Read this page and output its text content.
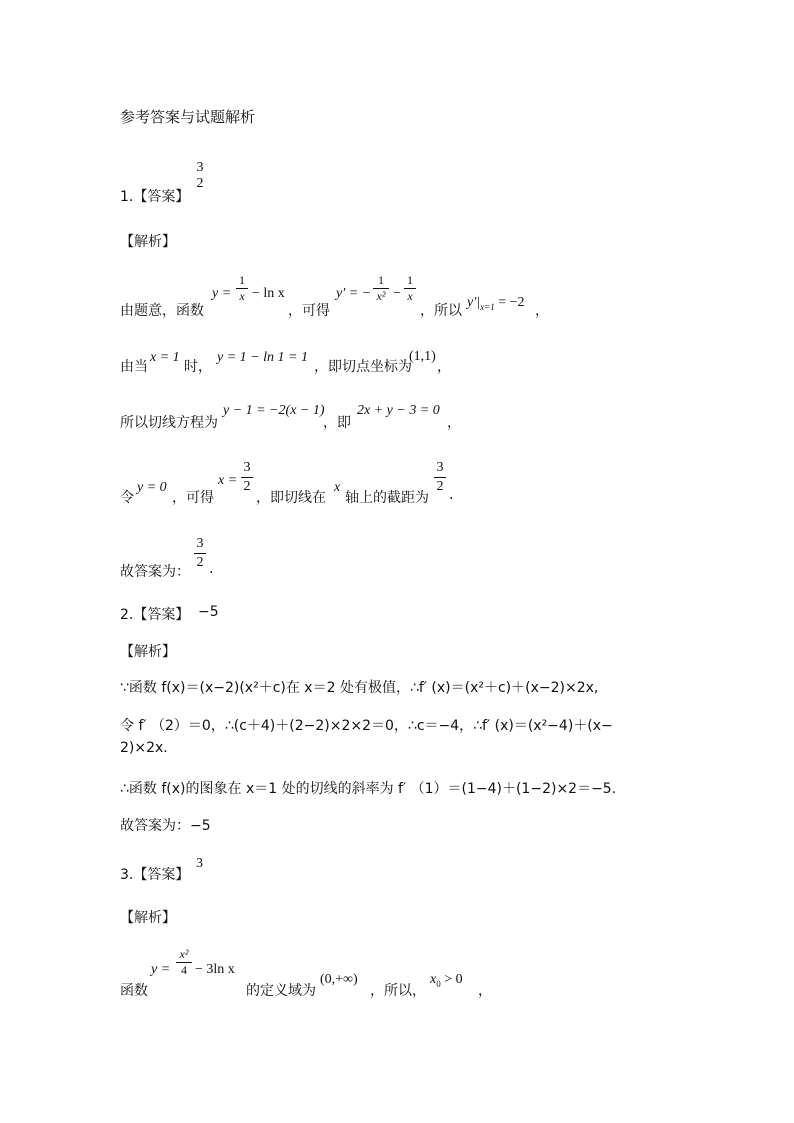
参考答案与试题解析
1.【答案】
3
2
【解析】
由题意，函数
y =
1
x − ln x
，可得
y′ = −
1
x² −
1
x
，所以
$y'|_{x=1} = -2$
，
由当
x = 1
时，
y = 1 − ln 1 = 1
，即切点坐标为
(1,1)
，
所以切线方程为
y − 1 = −2(x − 1)
，即
2x + y − 3 = 0
，
令
y = 0
，可得
x =
3
2
，即切线在
x
轴上的截距为
3
2
.
故答案为：
3
2 .
2.【答案】 −5
【解析】
∵函数 f(x)＝(x−2)(x²＋c)在 x＝2 处有极值，∴f′ (x)＝(x²＋c)＋(x−2)×2x,
令 f′ （2）＝0，∴(c＋4)＋(2−2)×2×2＝0，∴c＝−4，∴f′ (x)＝(x²−4)＋(x−
2)×2x.
∴函数 f(x)的图象在 x＝1 处的切线的斜率为 f′ （1）＝(1−4)＋(1−2)×2＝−5.
故答案为：−5
3.【答案】
3
【解析】
函数
y =
x²
4 − 3ln x
的定义域为
(0,+∞)
，所以，
$x_0 > 0$
，
